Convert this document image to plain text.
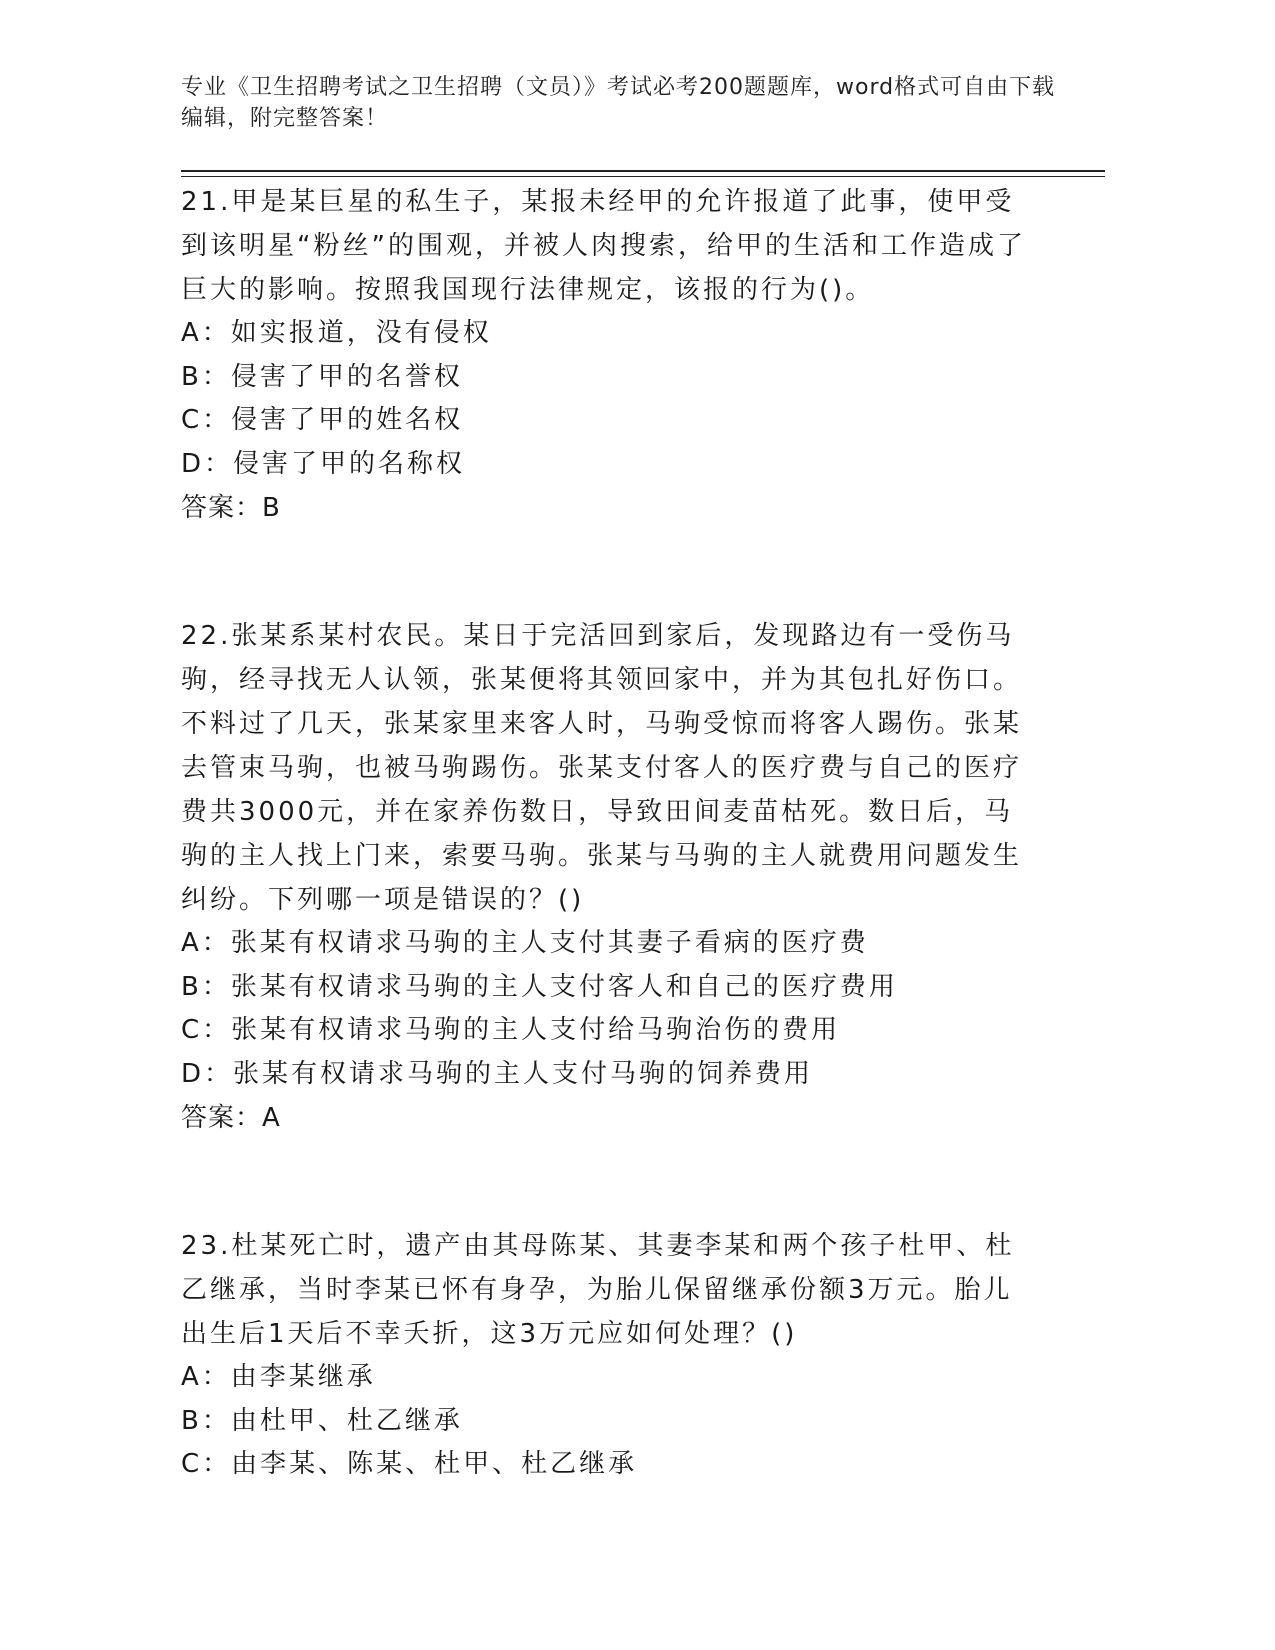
专业《卫生招聘考试之卫生招聘（文员）》考试必考200题题库，word格式可自由下载编辑，附完整答案！

21.甲是某巨星的私生子，某报未经甲的允许报道了此事，使甲受到该明星“粉丝”的围观，并被人肉搜索，给甲的生活和工作造成了巨大的影响。按照我国现行法律规定，该报的行为()。

A：如实报道，没有侵权
B：侵害了甲的名誉权
C：侵害了甲的姓名权
D：侵害了甲的名称权
答案：B

22.张某系某村农民。某日于完活回到家后，发现路边有一受伤马驹，经寻找无人认领，张某便将其领回家中，并为其包扎好伤口。不料过了几天，张某家里来客人时，马驹受惊而将客人踢伤。张某去管束马驹，也被马驹踢伤。张某支付客人的医疗费与自己的医疗费共3000元，并在家养伤数日，导致田间麦苗枯死。数日后，马驹的主人找上门来，索要马驹。张某与马驹的主人就费用问题发生纠纷。下列哪一项是错误的？()

A：张某有权请求马驹的主人支付其妻子看病的医疗费
B：张某有权请求马驹的主人支付客人和自己的医疗费用
C：张某有权请求马驹的主人支付给马驹治伤的费用
D：张某有权请求马驹的主人支付马驹的饲养费用
答案：A

23.杜某死亡时，遗产由其母陈某、其妻李某和两个孩子杜甲、杜乙继承，当时李某已怀有身孕，为胎儿保留继承份额3万元。胎儿出生后1天后不幸夭折，这3万元应如何处理？()

A：由李某继承
B：由杜甲、杜乙继承
C：由李某、陈某、杜甲、杜乙继承
